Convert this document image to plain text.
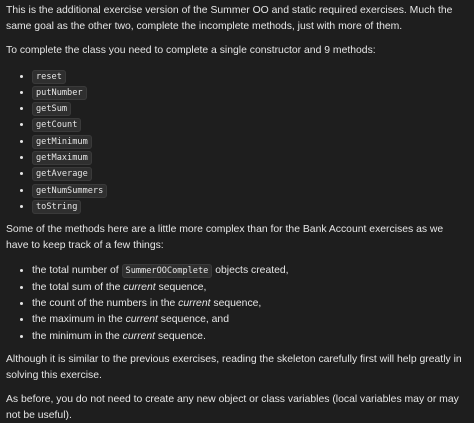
This is the additional exercise version of the Summer OO and static required exercises. Much the same goal as the other two, complete the incomplete methods, just with more of them.

To complete the class you need to complete a single constructor and 9 methods:

• reset
• putNumber
• getSum
• getCount
• getMinimum
• getMaximum
• getAverage
• getNumSummers
• toString

Some of the methods here are a little more complex than for the Bank Account exercises as we have to keep track of a few things:

• the total number of SummerOOComplete objects created,
• the total sum of the current sequence,
• the count of the numbers in the current sequence,
• the maximum in the current sequence, and
• the minimum in the current sequence.

Although it is similar to the previous exercises, reading the skeleton carefully first will help greatly in solving this exercise.

As before, you do not need to create any new object or class variables (local variables may or may not be useful).
